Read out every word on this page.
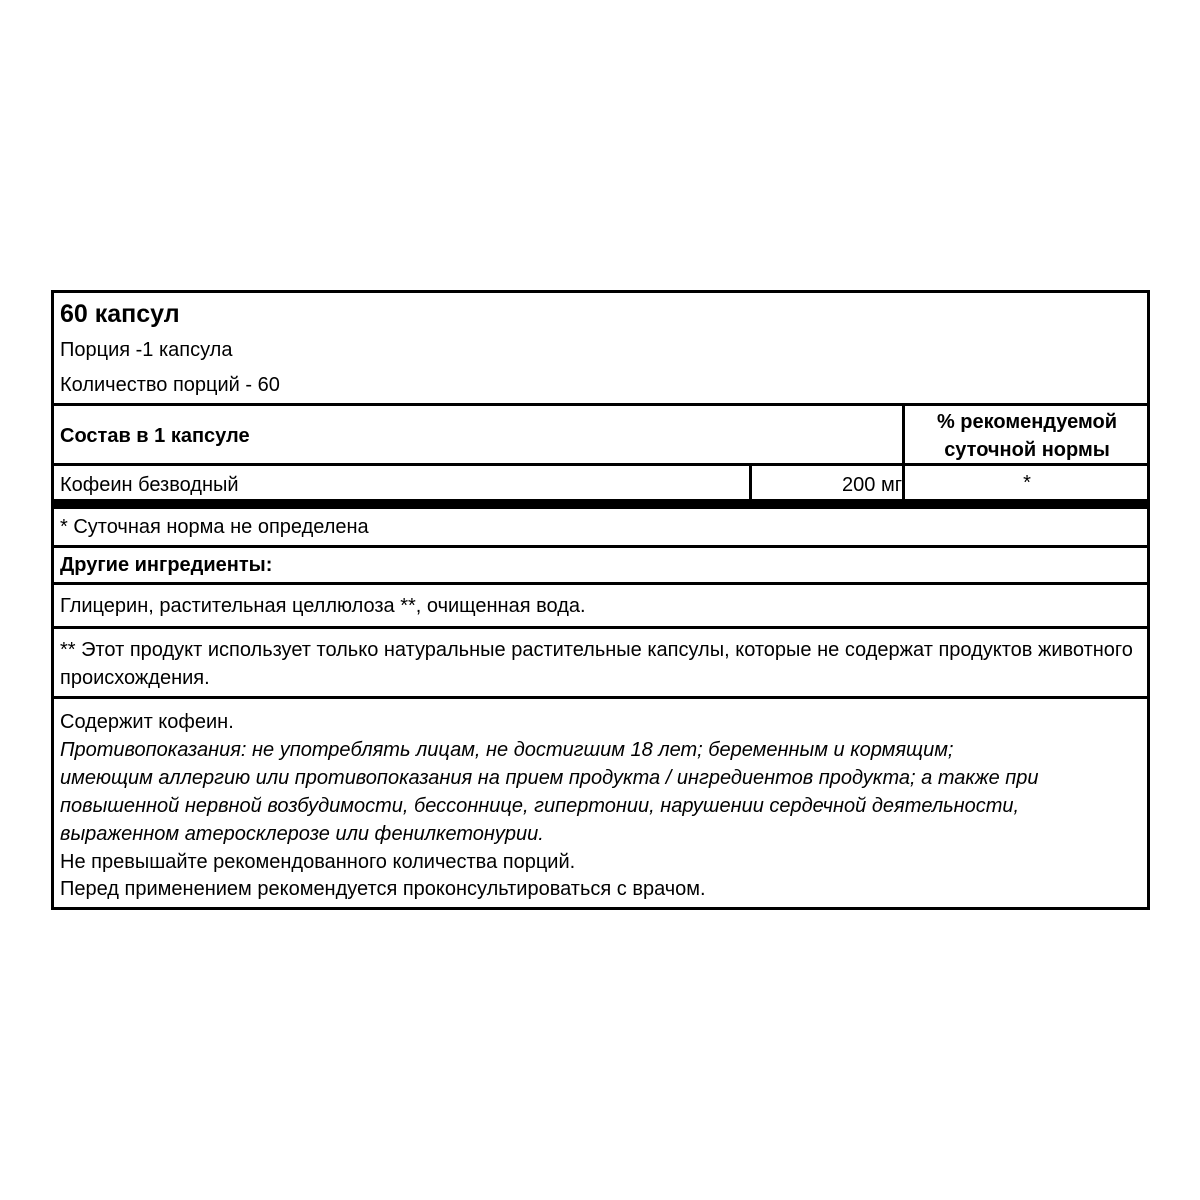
60 капсул
Порция -1 капсула
Количество порций - 60
Состав в 1 капсуле
% рекомендуемой суточной нормы
Кофеин безводный	200 мг	*
* Суточная норма не определена
Другие ингредиенты:
Глицерин, растительная целлюлоза **, очищенная вода.
** Этот продукт использует только натуральные растительные капсулы, которые не содержат продуктов животного происхождения.
Содержит кофеин.
Противопоказания: не употреблять лицам, не достигшим 18 лет; беременным и кормящим;
имеющим аллергию или противопоказания на прием продукта / ингредиентов продукта; а также при
повышенной нервной возбудимости, бессоннице, гипертонии, нарушении сердечной деятельности,
выраженном атеросклерозе или фенилкетонурии.
Не превышайте рекомендованного количества порций.
Перед применением рекомендуется проконсультироваться с врачом.
